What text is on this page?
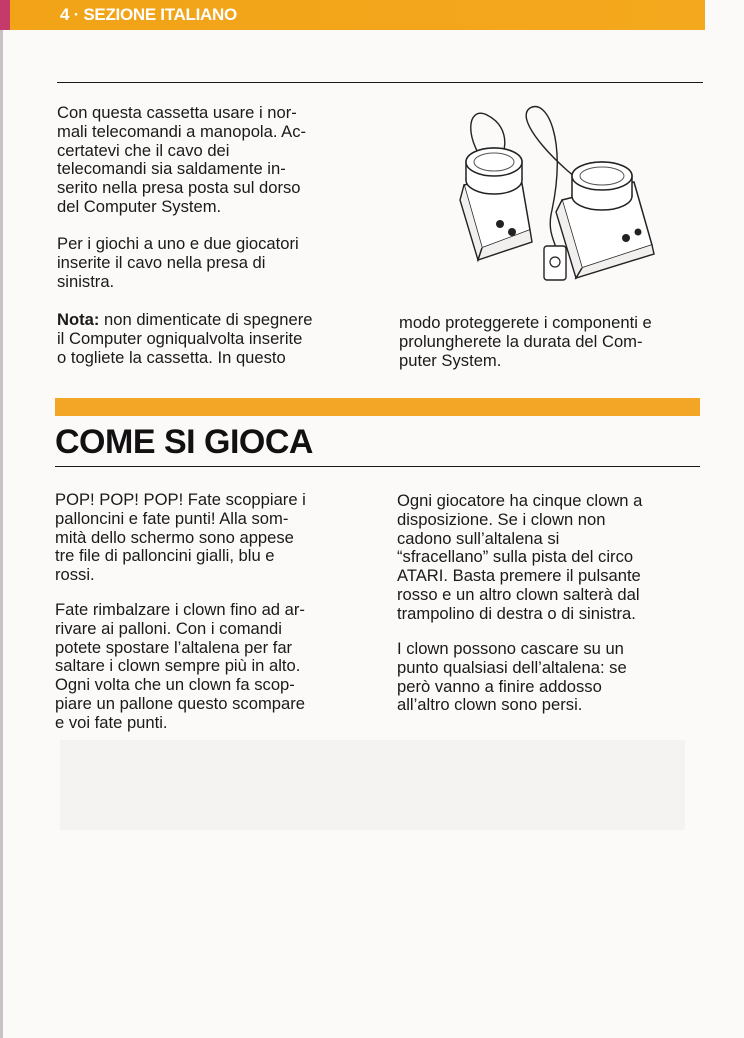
4 · SEZIONE ITALIANO

Con questa cassetta usare i nor-
mali telecomandi a manopola. Ac-
certatevi che il cavo dei
telecomandi sia saldamente in-
serito nella presa posta sul dorso
del Computer System.

Per i giochi a uno e due giocatori
inserite il cavo nella presa di
sinistra.

Nota: non dimenticate di spegnere
il Computer ogniqualvolta inserite
o togliete la cassetta. In questo

modo proteggerete i componenti e
prolungherete la durata del Com-
puter System.

COME SI GIOCA

POP! POP! POP! Fate scoppiare i
palloncini e fate punti! Alla som-
mità dello schermo sono appese
tre file di palloncini gialli, blu e
rossi.

Fate rimbalzare i clown fino ad ar-
rivare ai palloni. Con i comandi
potete spostare l’altalena per far
saltare i clown sempre più in alto.
Ogni volta che un clown fa scop-
piare un pallone questo scompare
e voi fate punti.

Ogni giocatore ha cinque clown a
disposizione. Se i clown non
cadono sull’altalena si
“sfracellano” sulla pista del circo
ATARI. Basta premere il pulsante
rosso e un altro clown salterà dal
trampolino di destra o di sinistra.

I clown possono cascare su un
punto qualsiasi dell’altalena: se
però vanno a finire addosso
all’altro clown sono persi.
